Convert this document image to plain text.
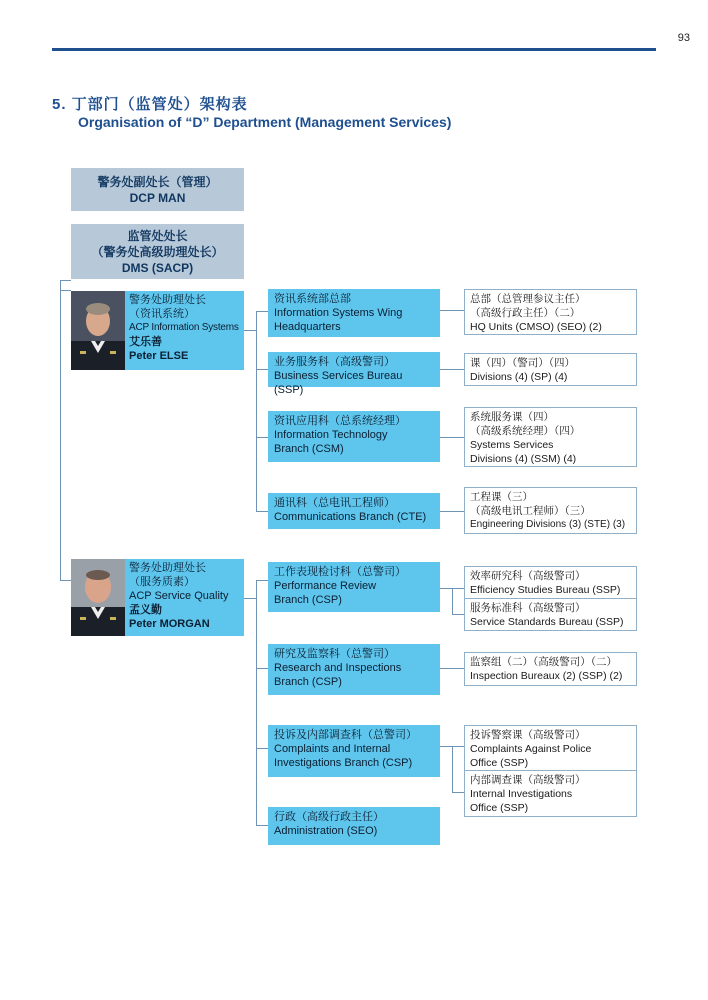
93
5. 丁部门（监管处）架构表
Organisation of “D” Department (Management Services)
警务处副处长（管理）
DCP MAN
监管处处长
（警务处高级助理处长）
DMS (SACP)
警务处助理处长
（资讯系统）
ACP Information Systems
艾乐善
Peter ELSE
资讯系统部总部
Information Systems Wing
Headquarters
业务服务科（高级警司）
Business Services Bureau (SSP)
资讯应用科（总系统经理）
Information Technology
Branch (CSM)
通讯科（总电讯工程师）
Communications Branch (CTE)
总部（总管理参议主任）
（高级行政主任）（二）
HQ Units (CMSO) (SEO) (2)
课（四）（警司）（四）
Divisions (4) (SP) (4)
系统服务课（四）
（高级系统经理）（四）
Systems Services
Divisions (4) (SSM) (4)
工程课（三）
（高级电讯工程师）（三）
Engineering Divisions (3) (STE) (3)
警务处助理处长
（服务质素）
ACP Service Quality
孟义勤
Peter MORGAN
工作表现检讨科（总警司）
Performance Review
Branch (CSP)
研究及监察科（总警司）
Research and Inspections
Branch (CSP)
投诉及内部调查科（总警司）
Complaints and Internal
Investigations Branch (CSP)
行政（高级行政主任）
Administration (SEO)
效率研究科（高级警司）
Efficiency Studies Bureau (SSP)
服务标准科（高级警司）
Service Standards Bureau (SSP)
监察组（二）（高级警司）（二）
Inspection Bureaux (2) (SSP) (2)
投诉警察课（高级警司）
Complaints Against Police
Office (SSP)
内部调查课（高级警司）
Internal Investigations
Office (SSP)
